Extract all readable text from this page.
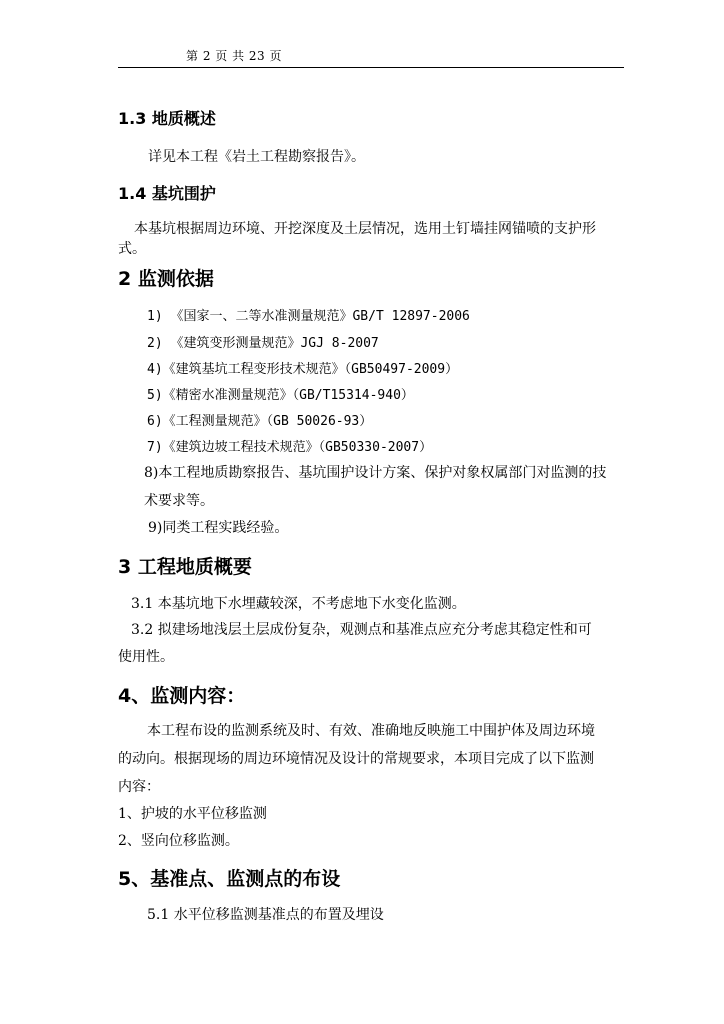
第 2 页 共 23 页
1.3 地质概述
详见本工程《岩土工程勘察报告》。
1.4 基坑围护
本基坑根据周边环境、开挖深度及土层情况，选用土钉墙挂网锚喷的支护形
式。
2 监测依据
1) 《国家一、二等水准测量规范》GB/T 12897-2006
2) 《建筑变形测量规范》JGJ 8-2007
4)《建筑基坑工程变形技术规范》（GB50497-2009）
5)《精密水准测量规范》（GB/T15314-940）
6)《工程测量规范》（GB 50026-93）
7)《建筑边坡工程技术规范》（GB50330-2007）
8)本工程地质勘察报告、基坑围护设计方案、保护对象权属部门对监测的技
术要求等。
9)同类工程实践经验。
3 工程地质概要
3.1 本基坑地下水埋藏较深，不考虑地下水变化监测。
3.2 拟建场地浅层土层成份复杂，观测点和基准点应充分考虑其稳定性和可
使用性。
4、监测内容：
本工程布设的监测系统及时、有效、准确地反映施工中围护体及周边环境
的动向。根据现场的周边环境情况及设计的常规要求，本项目完成了以下监测
内容：
1、护坡的水平位移监测
2、竖向位移监测。
5、基准点、监测点的布设
5.1 水平位移监测基准点的布置及埋设
